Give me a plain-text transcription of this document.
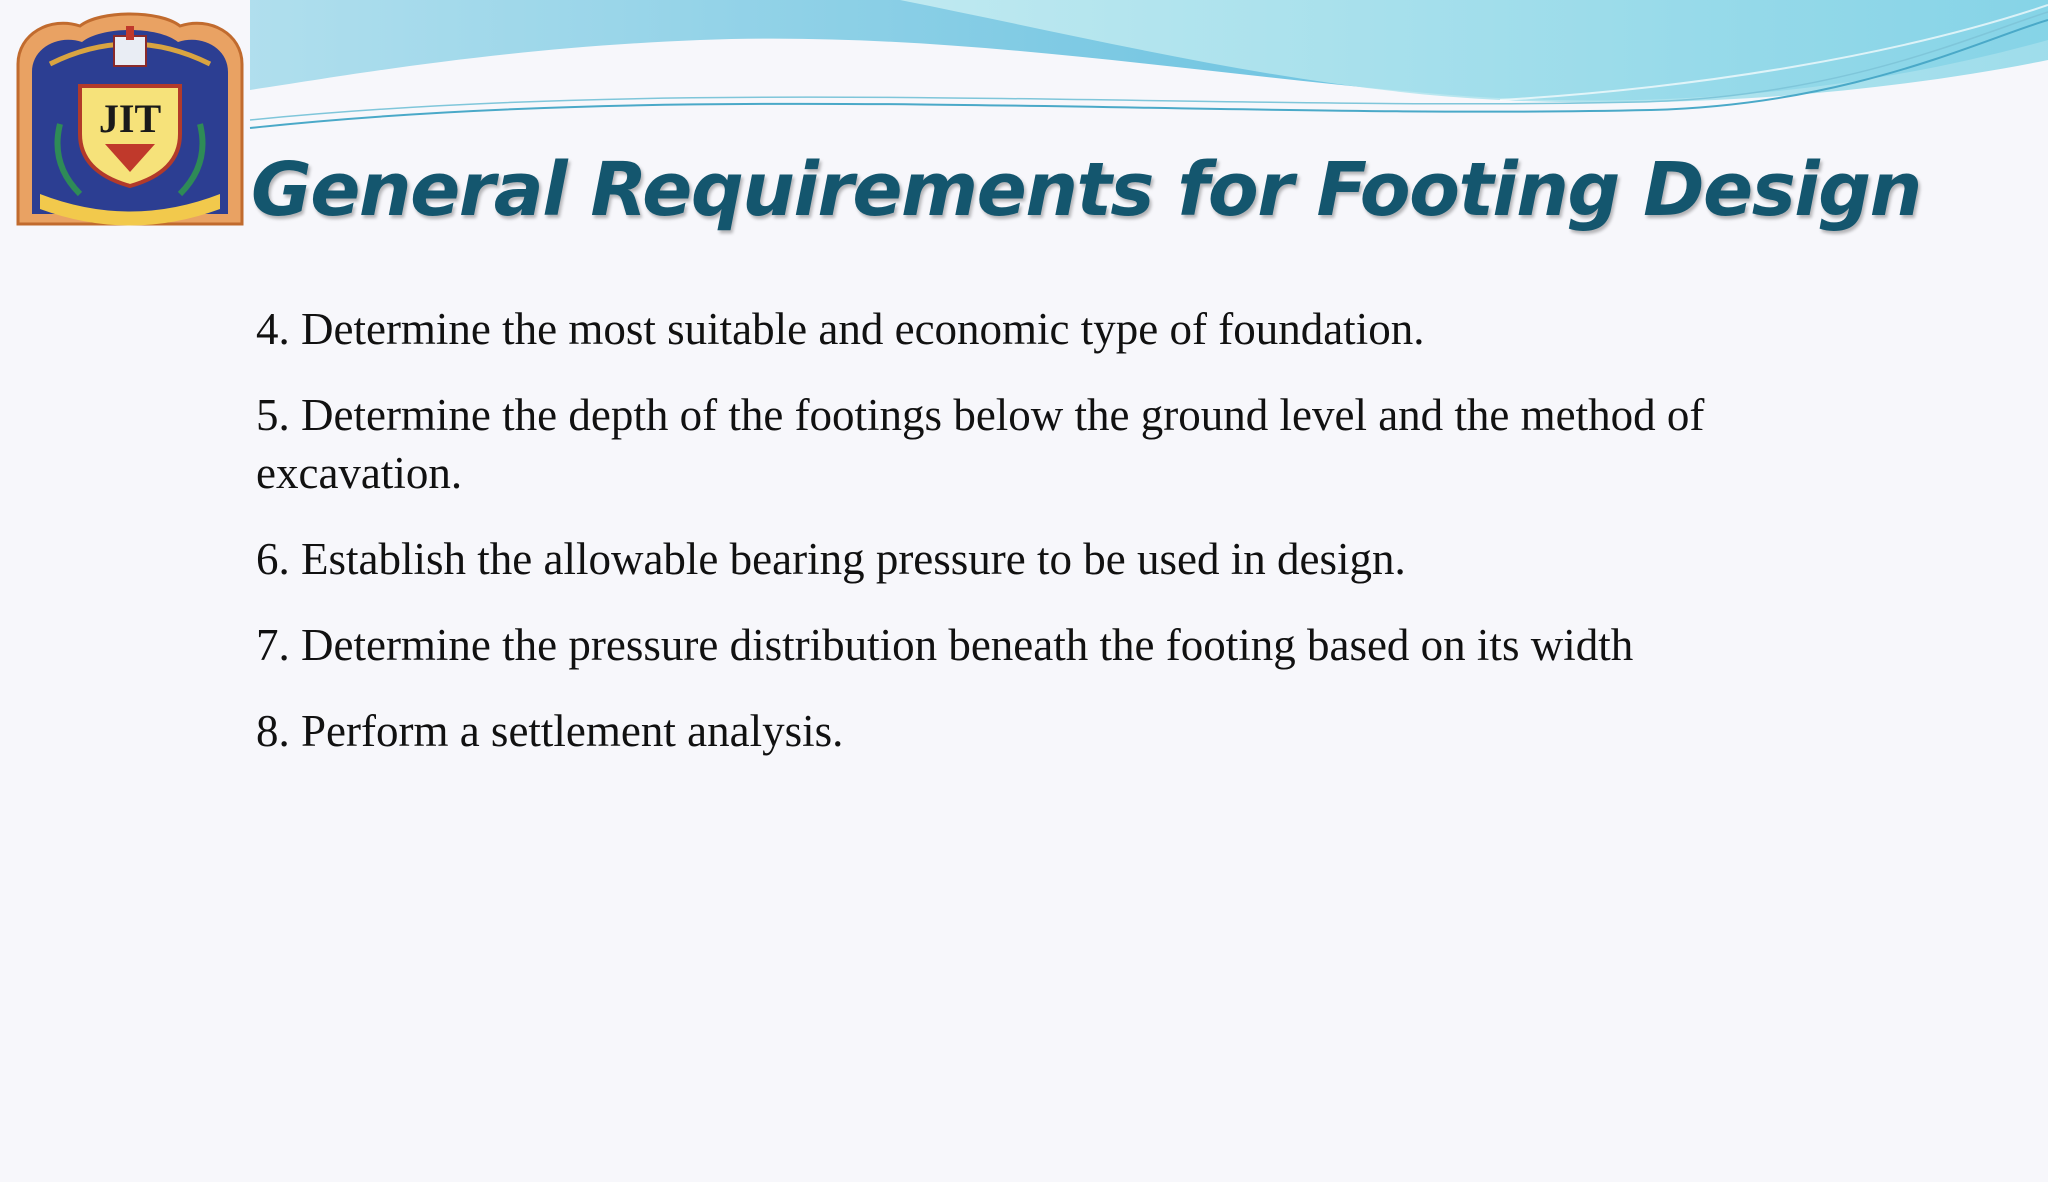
JIT
General Requirements for Footing Design

4. Determine the most suitable and economic type of foundation.

5. Determine the depth of the footings below the ground level and the method of excavation.

6. Establish the allowable bearing pressure to be used in design.

7. Determine the pressure distribution beneath the footing based on its width

8. Perform a settlement analysis.
